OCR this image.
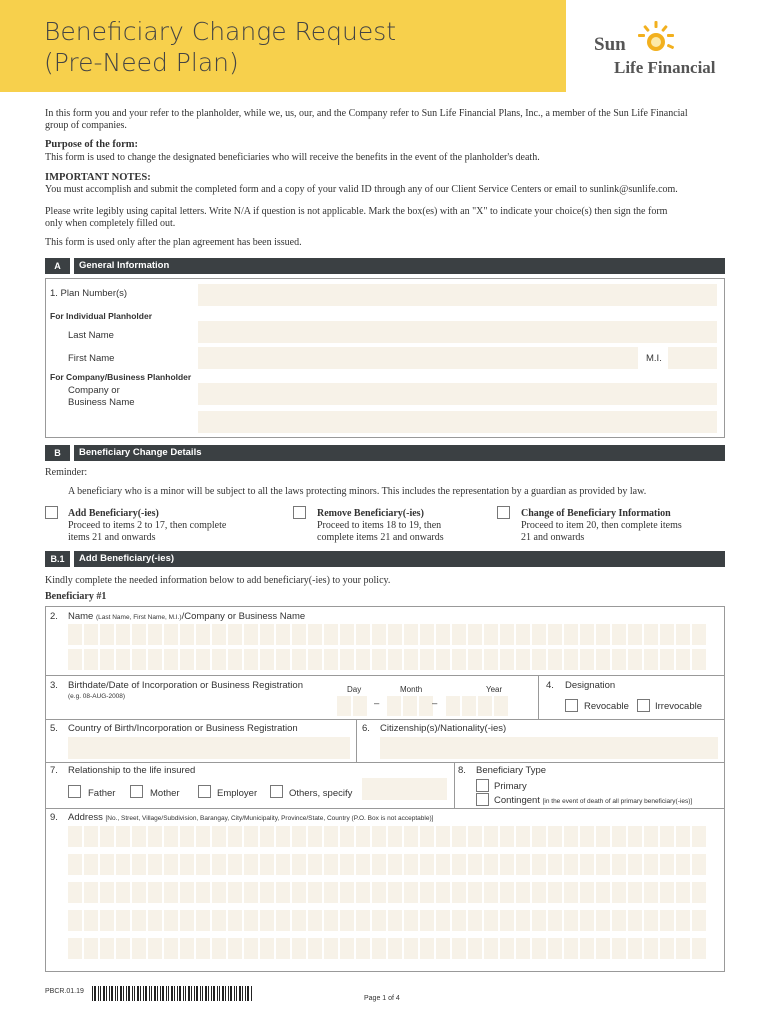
Beneficiary Change Request
(Pre-Need Plan)
Sun
Life Financial
In this form you and your refer to the planholder, while we, us, our, and the Company refer to Sun Life Financial Plans, Inc., a member of the Sun Life Financial
group of companies.
Purpose of the form:
This form is used to change the designated beneficiaries who will receive the benefits in the event of the planholder's death.
IMPORTANT NOTES:
You must accomplish and submit the completed form and a copy of your valid ID through any of our Client Service Centers or email to sunlink@sunlife.com.
Please write legibly using capital letters. Write N/A if question is not applicable. Mark the box(es) with an "X" to indicate your choice(s) then sign the form
only when completely filled out.
This form is used only after the plan agreement has been issued.
A	General Information
1. Plan Number(s)
For Individual Planholder
Last Name
First Name	M.I.
For Company/Business Planholder
Company or
Business Name
B	Beneficiary Change Details
Reminder:
A beneficiary who is a minor will be subject to all the laws protecting minors. This includes the representation by a guardian as provided by law.
Add Beneficiary(-ies)
Proceed to items 2 to 17, then complete
items 21 and onwards
Remove Beneficiary(-ies)
Proceed to items 18 to 19, then
complete items 21 and onwards
Change of Beneficiary Information
Proceed to item 20, then complete items
21 and onwards
B.1	Add Beneficiary(-ies)
Kindly complete the needed information below to add beneficiary(-ies) to your policy.
Beneficiary #1
2. Name (Last Name, First Name, M.I.)/Company or Business Name
3. Birthdate/Date of Incorporation or Business Registration
(e.g. 08-AUG-2008)
Day	Month	Year
–	–
4. Designation
Revocable	Irrevocable
5. Country of Birth/Incorporation or Business Registration	6. Citizenship(s)/Nationality(-ies)
7. Relationship to the life insured
Father	Mother	Employer	Others, specify
8. Beneficiary Type
Primary
Contingent [in the event of death of all primary beneficiary(-ies)]
9. Address [No., Street, Village/Subdivision, Barangay, City/Municipality, Province/State, Country (P.O. Box is not acceptable)]
PBCR.01.19
Page 1 of 4
